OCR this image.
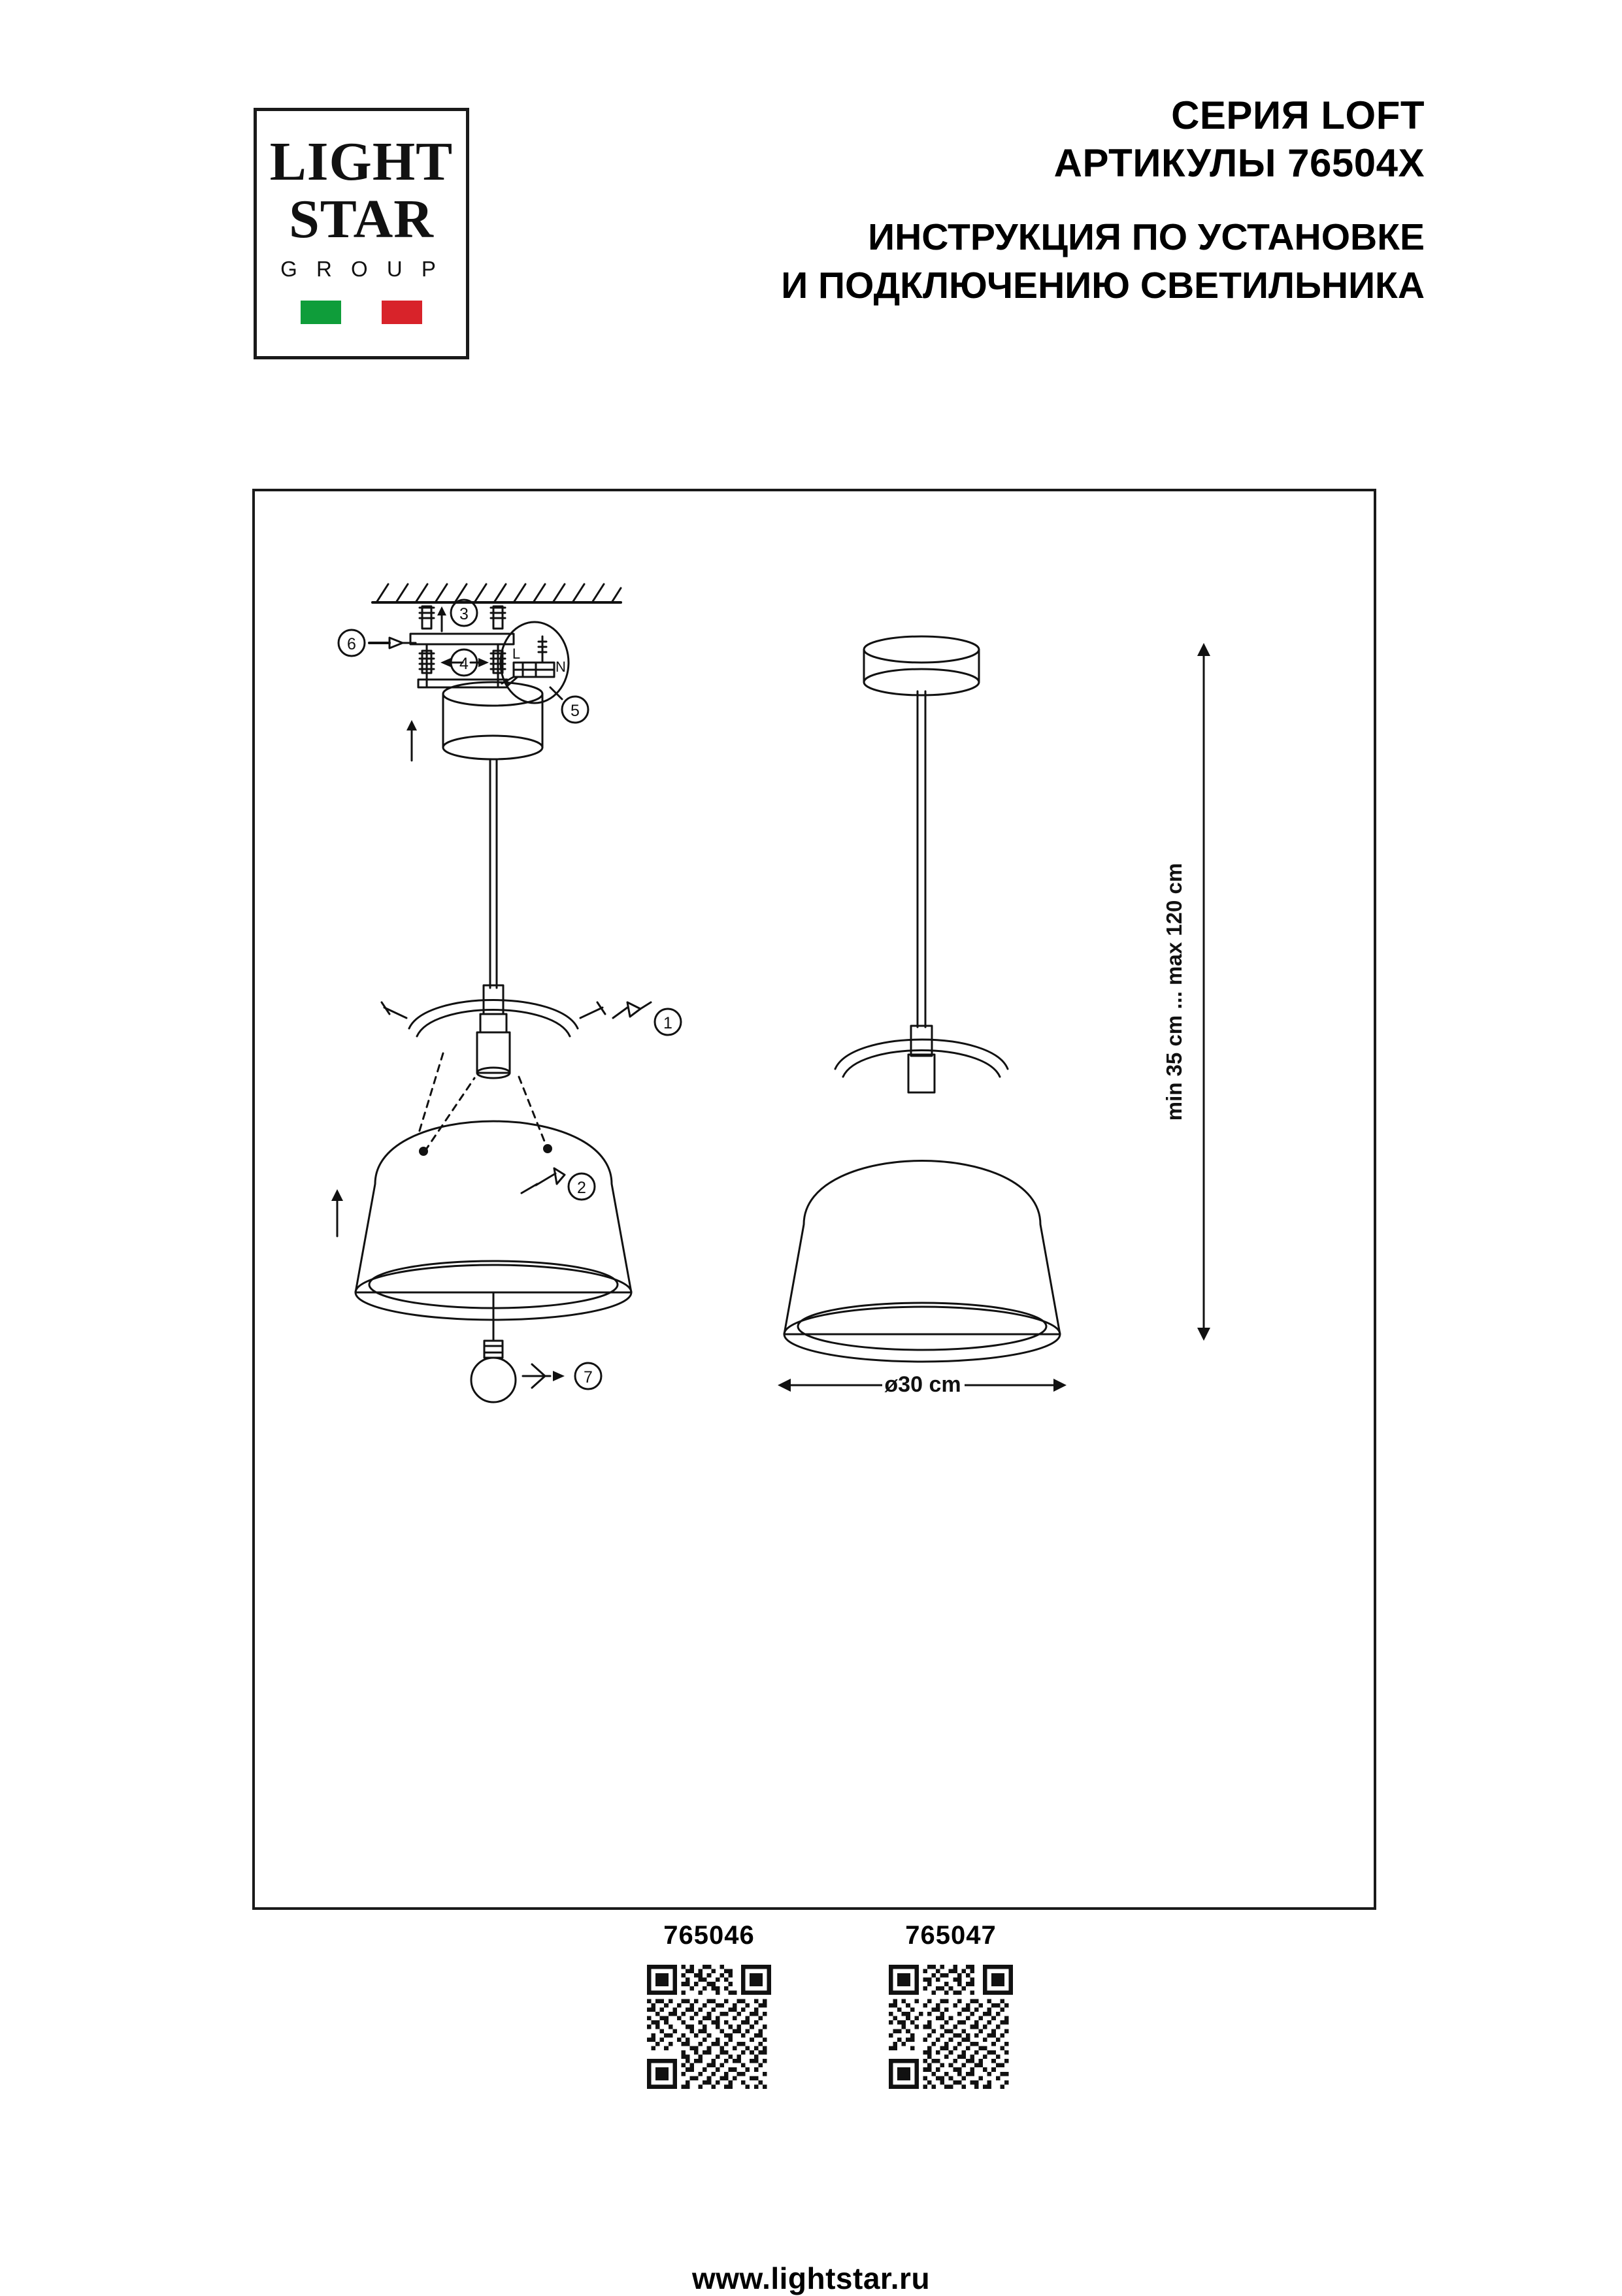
LIGHT
STAR
G R O U P
СЕРИЯ LOFT
АРТИКУЛЫ 76504X
ИНСТРУКЦИЯ ПО УСТАНОВКЕ
И ПОДКЛЮЧЕНИЮ СВЕТИЛЬНИКА
6
3
4
L
N
5
1
2
7
min 35 cm ... max 120 cm
ø30 cm
765046	765047
www.lightstar.ru
